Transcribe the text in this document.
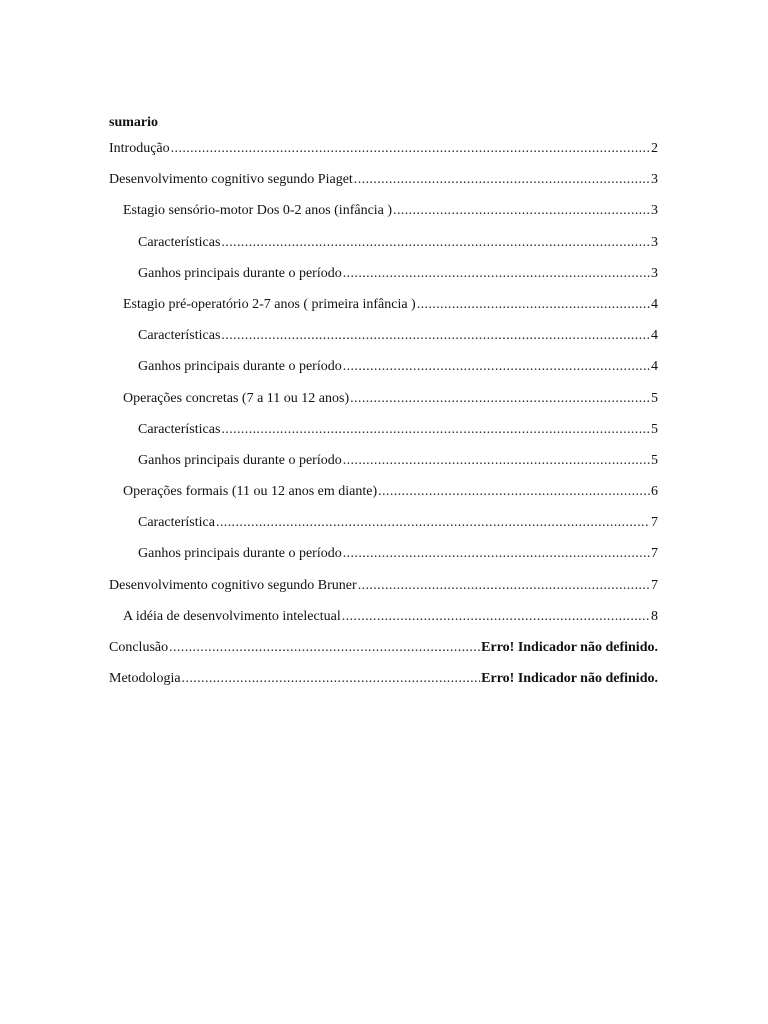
sumario
Introdução .....	2
Desenvolvimento cognitivo segundo Piaget .....	3
Estagio sensório-motor Dos 0-2 anos (infância ) .....	3
Características .....	3
Ganhos principais durante o período .....	3
Estagio pré-operatório 2-7 anos ( primeira infância ) .....	4
Características .....	4
Ganhos principais durante o período .....	4
Operações concretas (7 a 11 ou 12 anos) .....	5
Características .....	5
Ganhos principais durante o período .....	5
Operações formais (11 ou 12 anos em diante) .....	6
Característica .....	7
Ganhos principais durante o período .....	7
Desenvolvimento cognitivo segundo Bruner .....	7
A idéia de desenvolvimento intelectual .....	8
Conclusão .....	Erro! Indicador não definido.
Metodologia .....	Erro! Indicador não definido.
